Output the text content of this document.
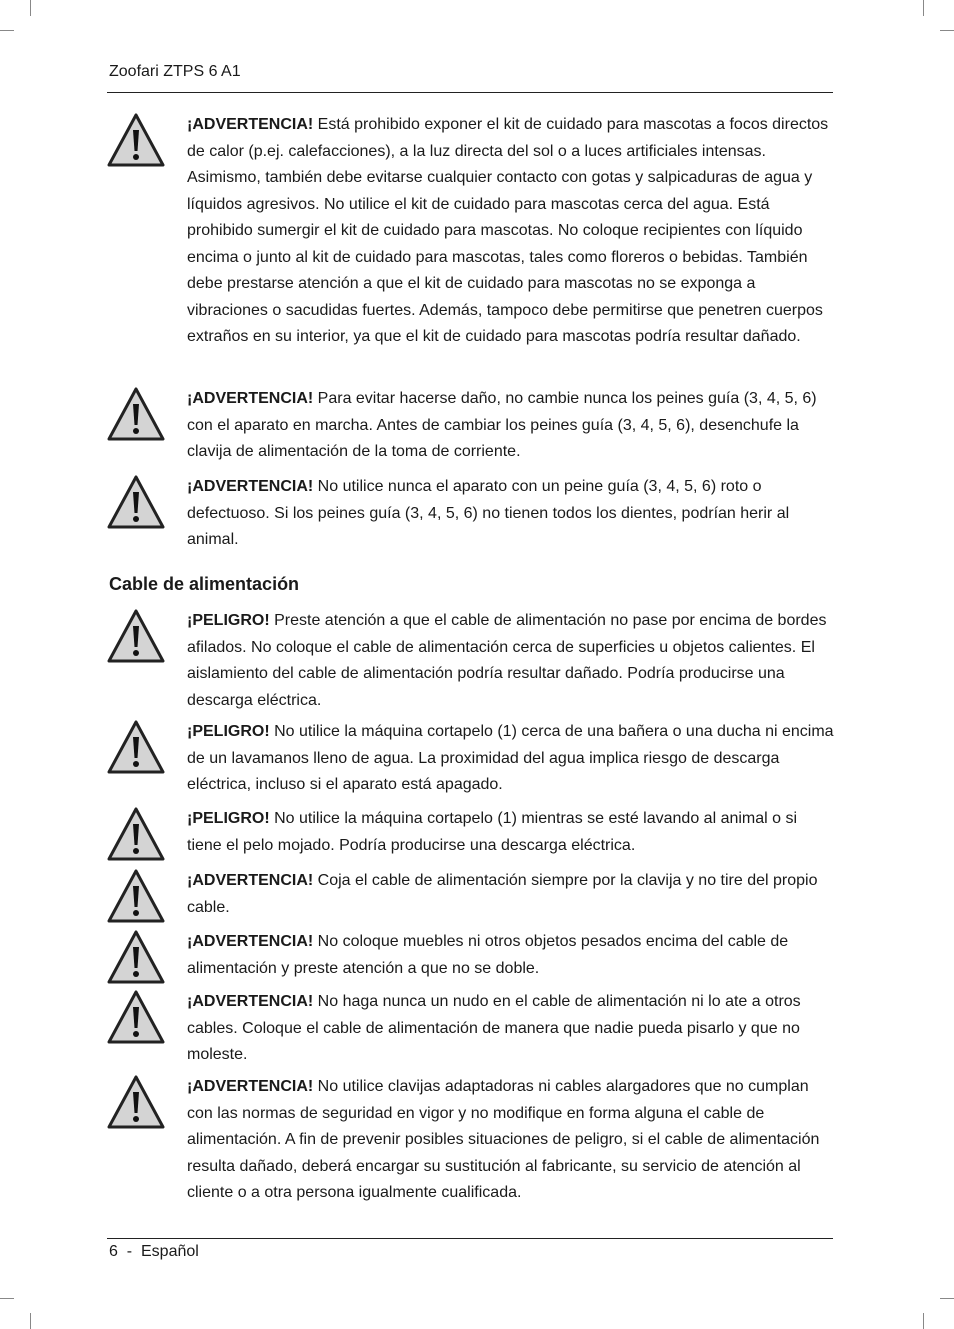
Zoofari ZTPS 6 A1
¡ADVERTENCIA! Está prohibido exponer el kit de cuidado para mascotas a focos directos de calor (p.ej. calefacciones), a la luz directa del sol o a luces artificiales intensas. Asimismo, también debe evitarse cualquier contacto con gotas y salpicaduras de agua y líquidos agresivos. No utilice el kit de cuidado para mascotas cerca del agua. Está prohibido sumergir el kit de cuidado para mascotas. No coloque recipientes con líquido encima o junto al kit de cuidado para mascotas, tales como floreros o bebidas. También debe prestarse atención a que el kit de cuidado para mascotas no se exponga a vibraciones o sacudidas fuertes. Además, tampoco debe permitirse que penetren cuerpos extraños en su interior, ya que el kit de cuidado para mascotas podría resultar dañado.
¡ADVERTENCIA! Para evitar hacerse daño, no cambie nunca los peines guía (3, 4, 5, 6) con el aparato en marcha. Antes de cambiar los peines guía (3, 4, 5, 6), desenchufe la clavija de alimentación de la toma de corriente.
¡ADVERTENCIA! No utilice nunca el aparato con un peine guía (3, 4, 5, 6) roto o defectuoso. Si los peines guía (3, 4, 5, 6) no tienen todos los dientes, podrían herir al animal.
Cable de alimentación
¡PELIGRO! Preste atención a que el cable de alimentación no pase por encima de bordes afilados. No coloque el cable de alimentación cerca de superficies u objetos calientes. El aislamiento del cable de alimentación podría resultar dañado. Podría producirse una descarga eléctrica.
¡PELIGRO! No utilice la máquina cortapelo (1) cerca de una bañera o una ducha ni encima de un lavamanos lleno de agua. La proximidad del agua implica riesgo de descarga eléctrica, incluso si el aparato está apagado.
¡PELIGRO! No utilice la máquina cortapelo (1) mientras se esté lavando al animal o si tiene el pelo mojado. Podría producirse una descarga eléctrica.
¡ADVERTENCIA! Coja el cable de alimentación siempre por la clavija y no tire del propio cable.
¡ADVERTENCIA! No coloque muebles ni otros objetos pesados encima del cable de alimentación y preste atención a que no se doble.
¡ADVERTENCIA! No haga nunca un nudo en el cable de alimentación ni lo ate a otros cables. Coloque el cable de alimentación de manera que nadie pueda pisarlo y que no moleste.
¡ADVERTENCIA! No utilice clavijas adaptadoras ni cables alargadores que no cumplan con las normas de seguridad en vigor y no modifique en forma alguna el cable de alimentación. A fin de prevenir posibles situaciones de peligro, si el cable de alimentación resulta dañado, deberá encargar su sustitución al fabricante, su servicio de atención al cliente o a otra persona igualmente cualificada.
6  -  Español
